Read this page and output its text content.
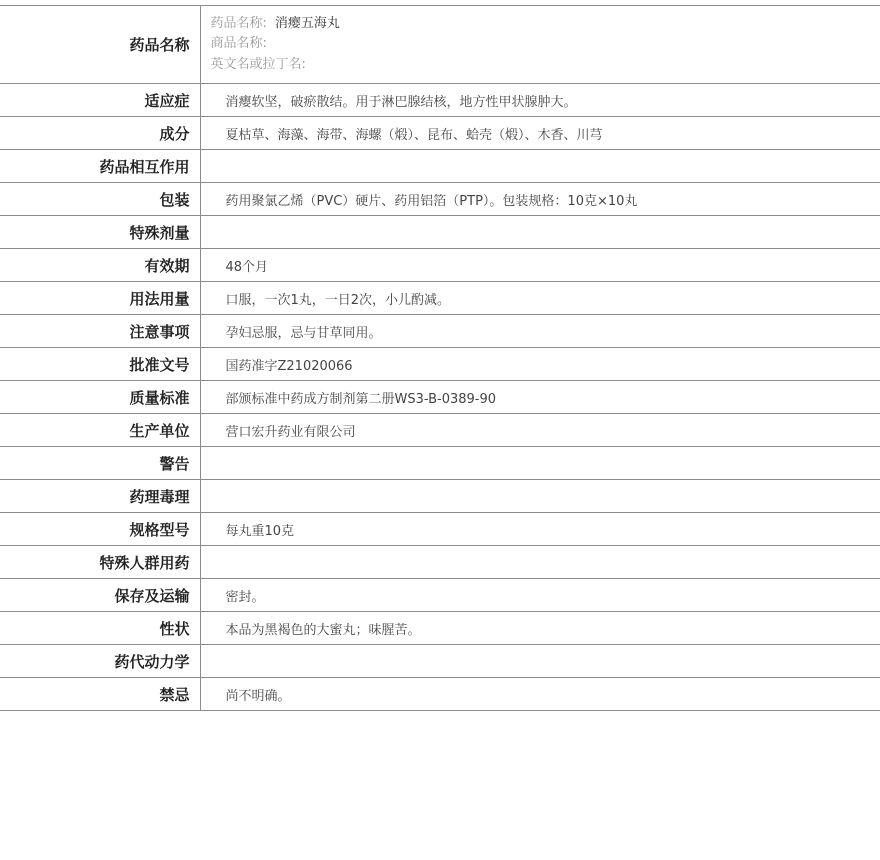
药品名称	药品名称: 消瘿五海丸
商品名称:
英文名或拉丁名:

适应症	消瘿软坚，破瘀散结。用于淋巴腺结核，地方性甲状腺肿大。
成分	夏枯草、海藻、海带、海螺（煅）、昆布、蛤壳（煅）、木香、川芎
药品相互作用	
包装	药用聚氯乙烯（PVC）硬片、药用铝箔（PTP）。包装规格：10克×10丸
特殊剂量	
有效期	48个月
用法用量	口服，一次1丸，一日2次，小儿酌减。
注意事项	孕妇忌服，忌与甘草同用。
批准文号	国药准字Z21020066
质量标准	部颁标准中药成方制剂第二册WS3-B-0389-90
生产单位	营口宏升药业有限公司
警告	
药理毒理	
规格型号	每丸重10克
特殊人群用药	
保存及运输	密封。
性状	本品为黑褐色的大蜜丸；味腥苦。
药代动力学	
禁忌	尚不明确。
